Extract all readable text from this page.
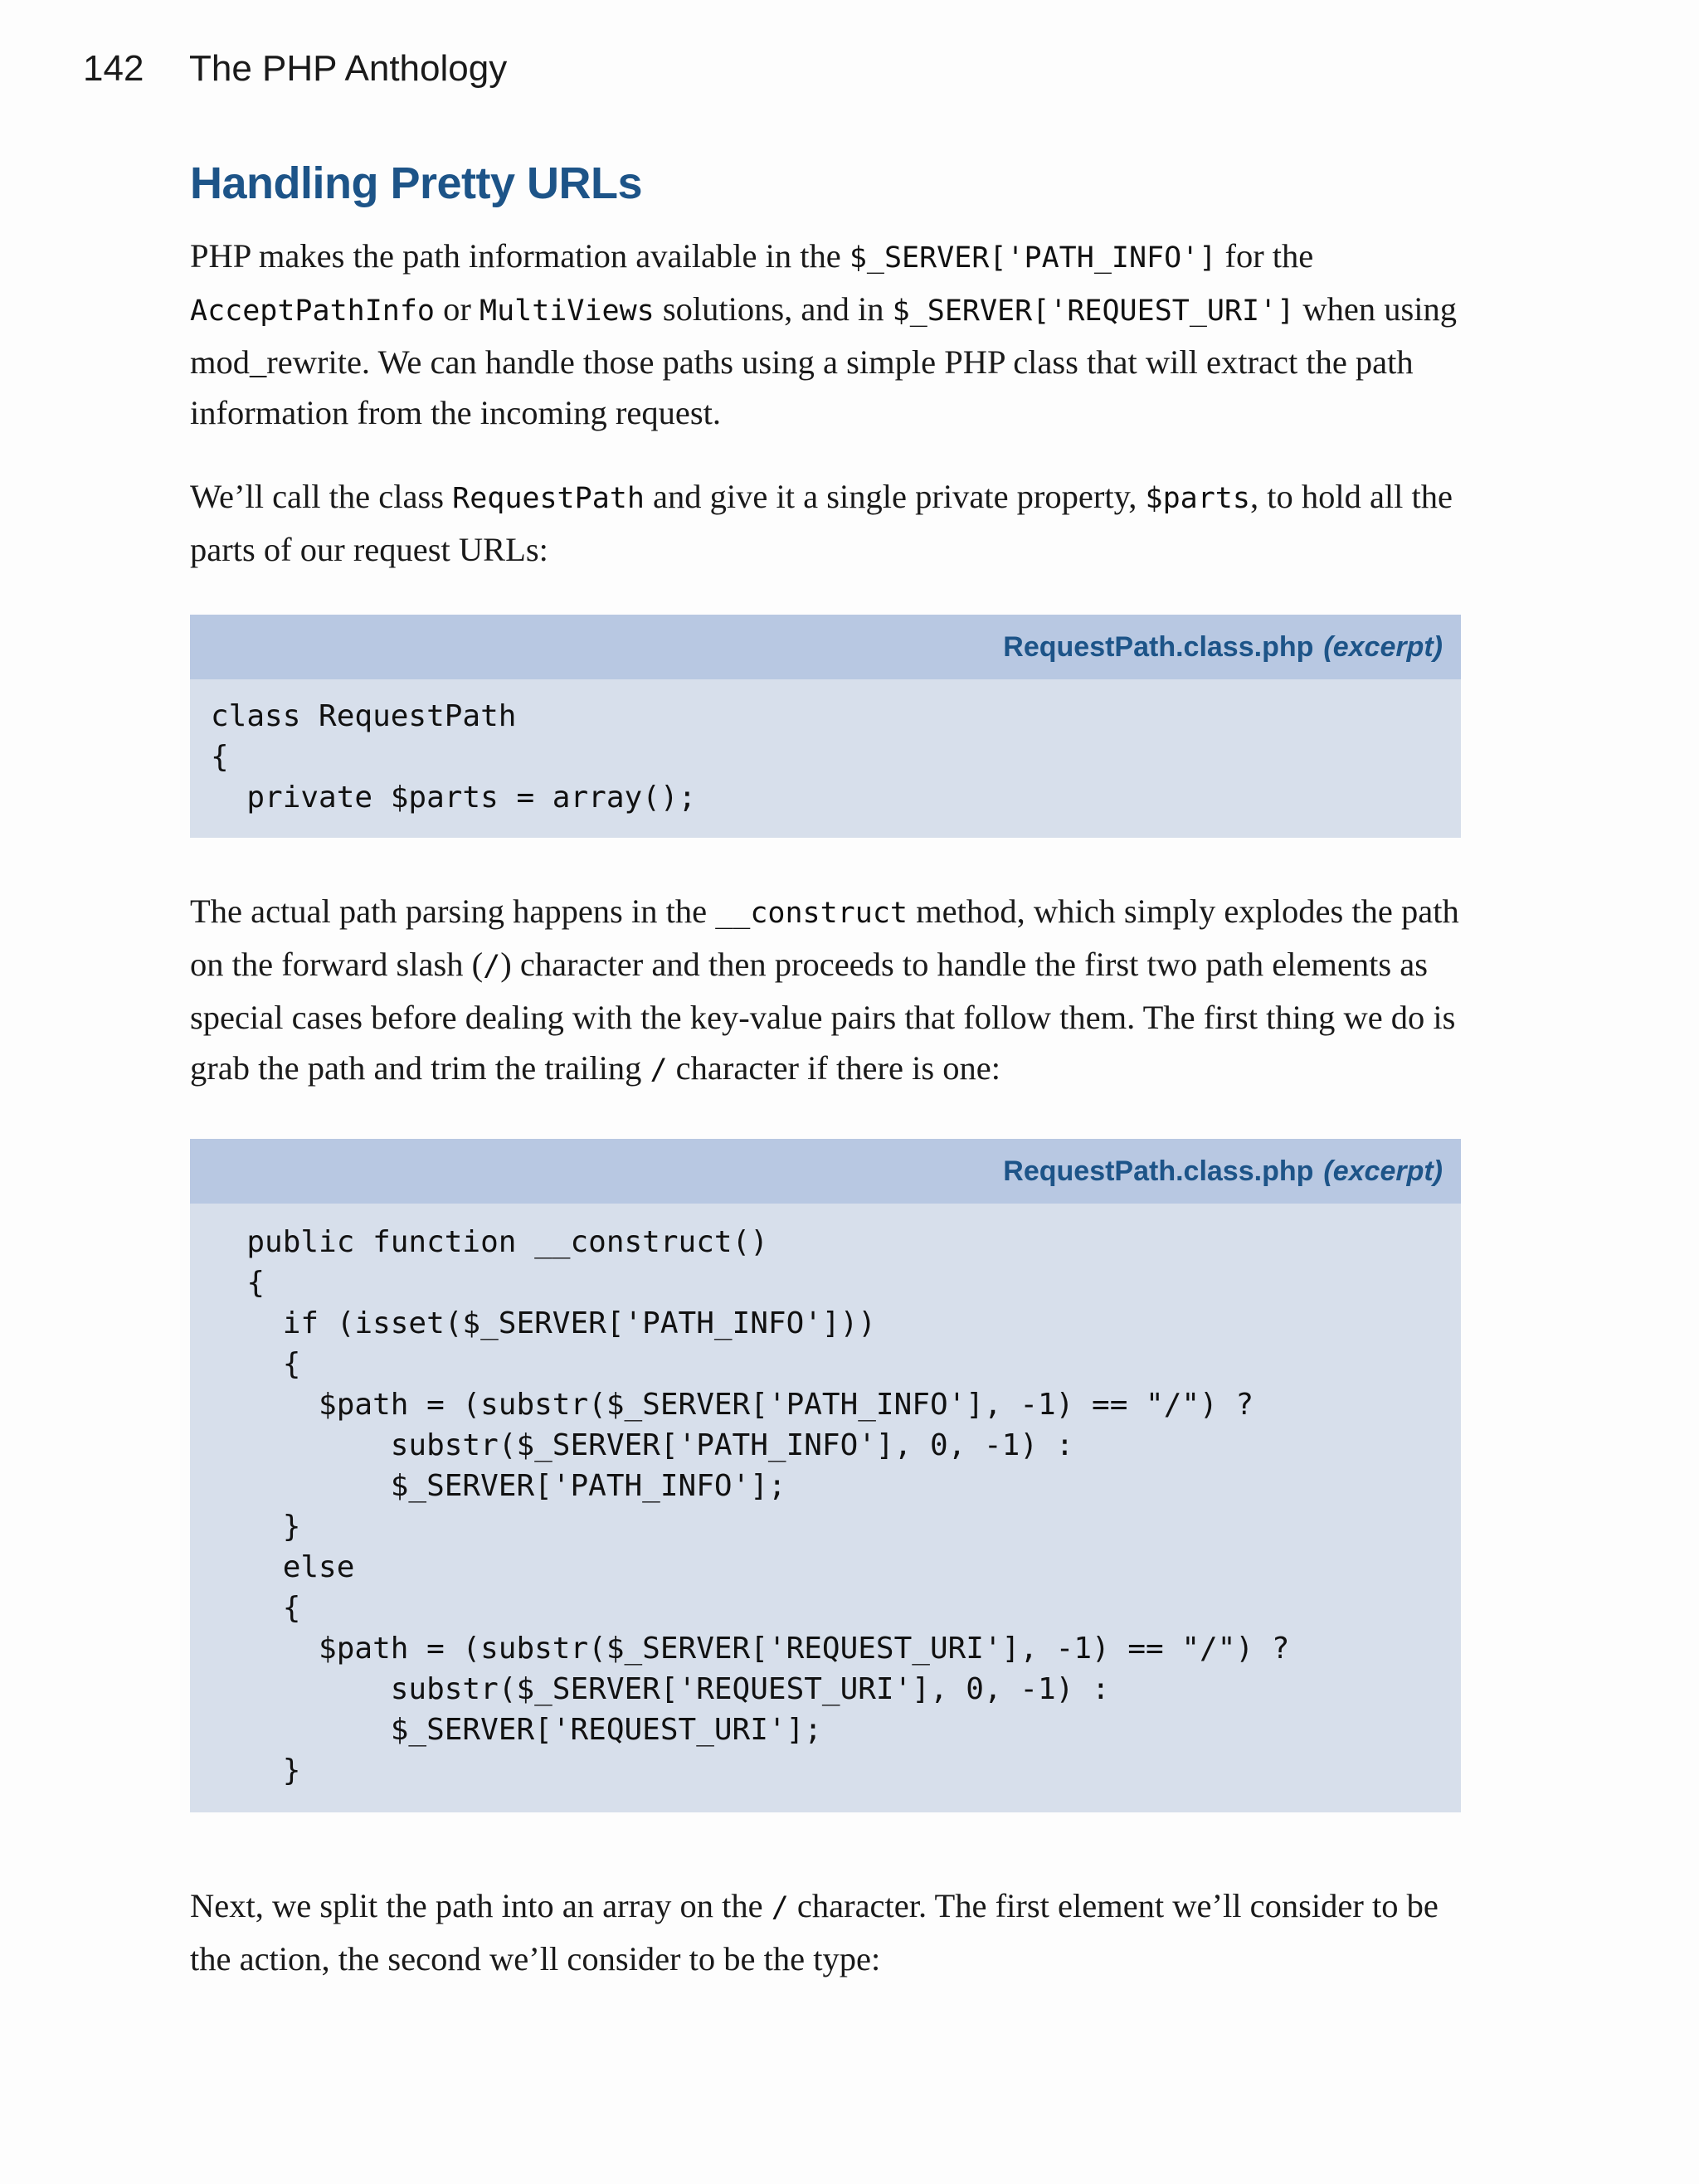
142 The PHP Anthology
Handling Pretty URLs

PHP makes the path information available in the $_SERVER['PATH_INFO'] for the AcceptPathInfo or MultiViews solutions, and in $_SERVER['REQUEST_URI'] when using mod_rewrite. We can handle those paths using a simple PHP class that will extract the path information from the incoming request.

We’ll call the class RequestPath and give it a single private property, $parts, to hold all the parts of our request URLs:

RequestPath.class.php (excerpt)
class RequestPath
{
private $parts = array();

The actual path parsing happens in the __construct method, which simply explodes the path on the forward slash (/) character and then proceeds to handle the first two path elements as special cases before dealing with the key-value pairs that follow them. The first thing we do is grab the path and trim the trailing / character if there is one:

RequestPath.class.php (excerpt)
public function __construct()
{
if (isset($_SERVER['PATH_INFO']))
{
$path = (substr($_SERVER['PATH_INFO'], -1) == "/") ?
substr($_SERVER['PATH_INFO'], 0, -1) :
$_SERVER['PATH_INFO'];
}
else
{
$path = (substr($_SERVER['REQUEST_URI'], -1) == "/") ?
substr($_SERVER['REQUEST_URI'], 0, -1) :
$_SERVER['REQUEST_URI'];
}

Next, we split the path into an array on the / character. The first element we’ll consider to be the action, the second we’ll consider to be the type:
